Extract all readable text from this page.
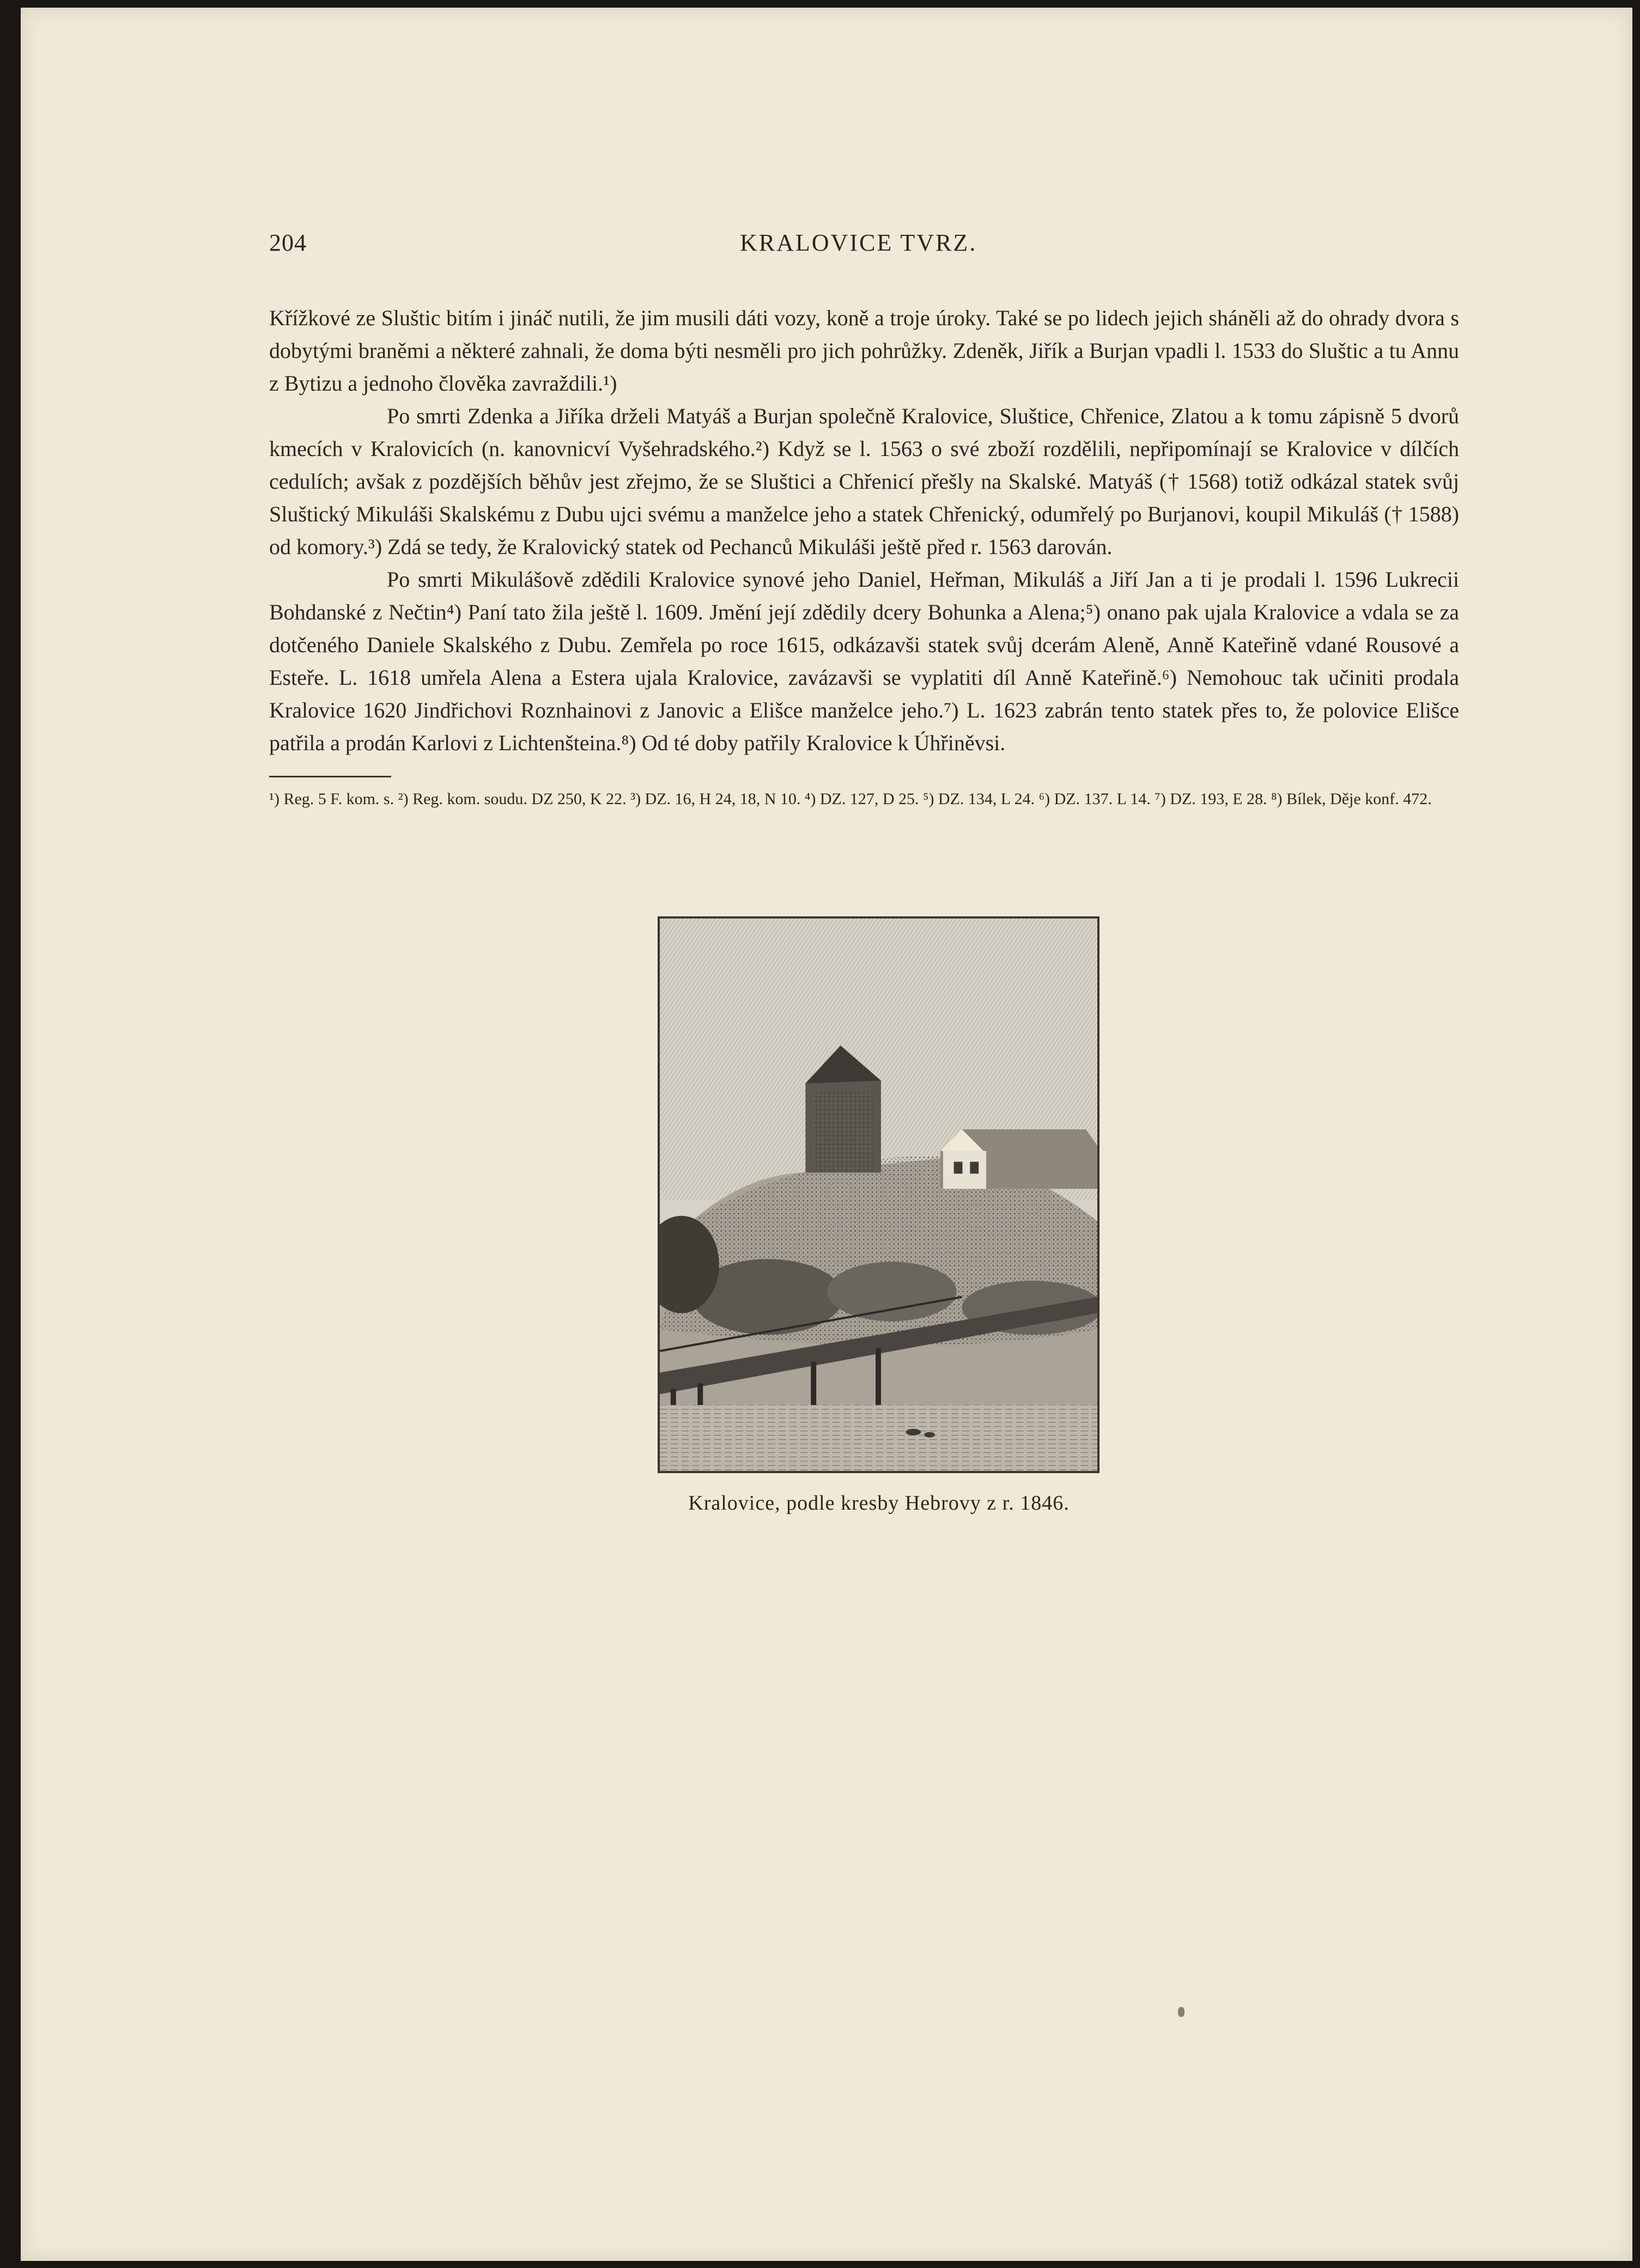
204	KRALOVICE TVRZ.

Křížkové ze Sluštic bitím i jináč nutili, že jim musili dáti vozy, koně a troje úroky. Také se po lidech jejich sháněli až do ohrady dvora s dobytými braněmi a některé zahnali, že doma býti nesměli pro jich pohrůžky. Zdeněk, Jiřík a Burjan vpadli l. 1533 do Sluštic a tu Annu z Bytizu a jednoho člověka zavraždili.¹)

Po smrti Zdenka a Jiříka drželi Matyáš a Burjan společně Kralovice, Sluštice, Chřenice, Zlatou a k tomu zápisně 5 dvorů kmecích v Kralovicích (n. kanovnicví Vyšehradského.²) Když se l. 1563 o své zboží rozdělili, nepřipomínají se Kralovice v dílčích cedulích; avšak z pozdějších běhův jest zřejmo, že se Sluštici a Chřenicí přešly na Skalské. Matyáš († 1568) totiž odkázal statek svůj Sluštický Mikuláši Skalskému z Dubu ujci svému a manželce jeho a statek Chřenický, odumřelý po Burjanovi, koupil Mikuláš († 1588) od komory.³) Zdá se tedy, že Kralovický statek od Pechanců Mikuláši ještě před r. 1563 darován.

Po smrti Mikulášově zdědili Kralovice synové jeho Daniel, Heřman, Mikuláš a Jiří Jan a ti je prodali l. 1596 Lukrecii Bohdanské z Nečtin⁴) Paní tato žila ještě l. 1609. Jmění její zdědily dcery Bohunka a Alena;⁵) onano pak ujala Kralovice a vdala se za dotčeného Daniele Skalského z Dubu. Zemřela po roce 1615, odkázavši statek svůj dcerám Aleně, Anně Kateřině vdané Rousové a Esteře. L. 1618 umřela Alena a Estera ujala Kralovice, zavázavši se vyplatiti díl Anně Kateřině.⁶) Nemohouc tak učiniti prodala Kralovice 1620 Jindřichovi Roznhainovi z Janovic a Elišce manželce jeho.⁷) L. 1623 zabrán tento statek přes to, že polovice Elišce patřila a prodán Karlovi z Lichtenšteina.⁸) Od té doby patřily Kralovice k Úhřiněvsi.

¹) Reg. 5 F. kom. s. ²) Reg. kom. soudu. DZ 250, K 22. ³) DZ. 16, H 24, 18, N 10. ⁴) DZ. 127, D 25. ⁵) DZ. 134, L 24. ⁶) DZ. 137. L 14. ⁷) DZ. 193, E 28. ⁸) Bílek, Děje konf. 472.

Kralovice, podle kresby Hebrovy z r. 1846.
